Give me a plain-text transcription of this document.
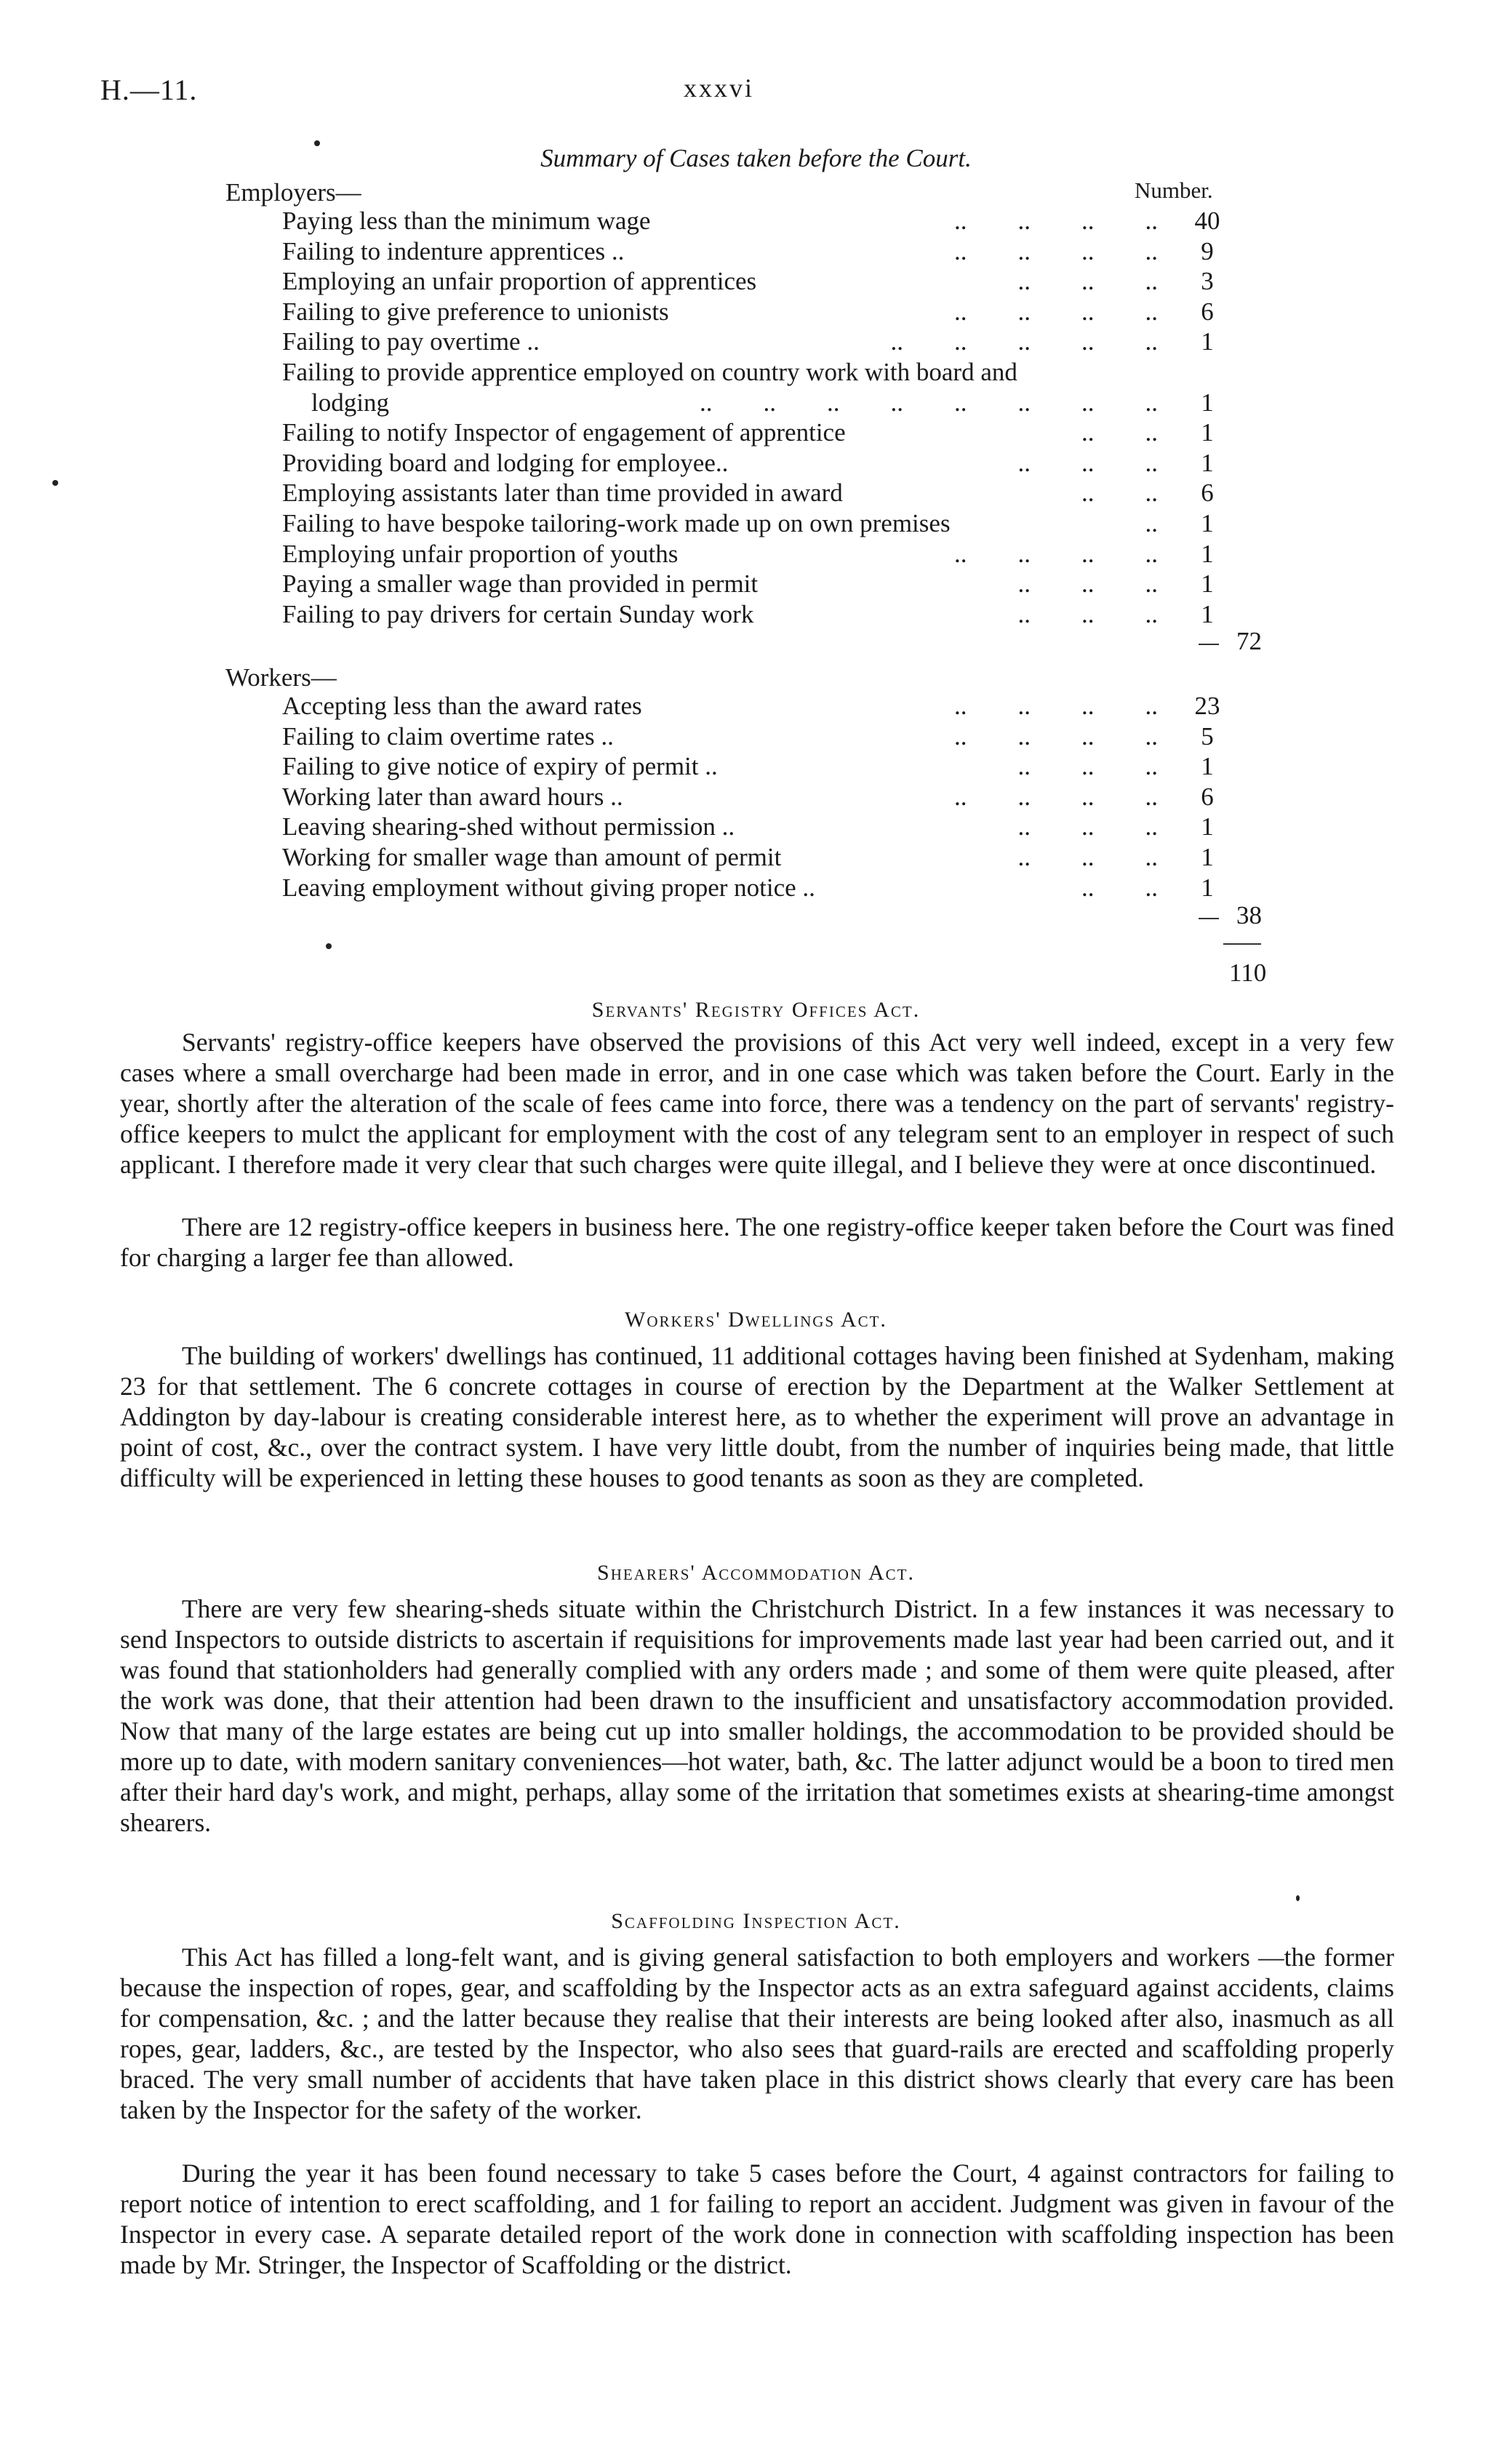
H.—11.	xxxvi
Summary of Cases taken before the Court.
Number.
Employers—
Paying less than the minimum wage	..        ..        ..        ..	40
Failing to indenture apprentices ..	..        ..        ..        ..	9
Employing an unfair proportion of apprentices	..        ..        ..	3
Failing to give preference to unionists	..        ..        ..        ..	6
Failing to pay overtime ..	..        ..        ..        ..        ..	1
Failing to provide apprentice employed on country work with board and
lodging	..        ..        ..        ..        ..        ..        ..        ..	1
Failing to notify Inspector of engagement of apprentice	..        ..	1
Providing board and lodging for employee..	..        ..        ..	1
Employing assistants later than time provided in award	..        ..	6
Failing to have bespoke tailoring-work made up on own premises	..	1
Employing unfair proportion of youths	..        ..        ..        ..	1
Paying a smaller wage than provided in permit	..        ..        ..	1
Failing to pay drivers for certain Sunday work	..        ..        ..	1
72
Workers—
Accepting less than the award rates	..        ..        ..        ..	23
Failing to claim overtime rates ..	..        ..        ..        ..	5
Failing to give notice of expiry of permit ..	..        ..        ..	1
Working later than award hours ..	..        ..        ..        ..	6
Leaving shearing-shed without permission ..	..        ..        ..	1
Working for smaller wage than amount of permit	..        ..        ..	1
Leaving employment without giving proper notice ..	..        ..	1
38
110
Servants' Registry Offices Act.
Servants' registry-office keepers have observed the provisions of this Act very well indeed, except in a very few cases where a small overcharge had been made in error, and in one case which was taken before the Court. Early in the year, shortly after the alteration of the scale of fees came into force, there was a tendency on the part of servants' registry-office keepers to mulct the applicant for employment with the cost of any telegram sent to an employer in respect of such applicant. I therefore made it very clear that such charges were quite illegal, and I believe they were at once discontinued.
There are 12 registry-office keepers in business here. The one registry-office keeper taken before the Court was fined for charging a larger fee than allowed.
Workers' Dwellings Act.
The building of workers' dwellings has continued, 11 additional cottages having been finished at Sydenham, making 23 for that settlement. The 6 concrete cottages in course of erection by the Department at the Walker Settlement at Addington by day-labour is creating considerable interest here, as to whether the experiment will prove an advantage in point of cost, &c., over the contract system. I have very little doubt, from the number of inquiries being made, that little difficulty will be experienced in letting these houses to good tenants as soon as they are completed.
Shearers' Accommodation Act.
There are very few shearing-sheds situate within the Christchurch District. In a few instances it was necessary to send Inspectors to outside districts to ascertain if requisitions for improvements made last year had been carried out, and it was found that stationholders had generally complied with any orders made ; and some of them were quite pleased, after the work was done, that their attention had been drawn to the insufficient and unsatisfactory accommodation provided. Now that many of the large estates are being cut up into smaller holdings, the accommodation to be provided should be more up to date, with modern sanitary conveniences—hot water, bath, &c. The latter adjunct would be a boon to tired men after their hard day's work, and might, perhaps, allay some of the irritation that sometimes exists at shearing-time amongst shearers.
Scaffolding Inspection Act.
This Act has filled a long-felt want, and is giving general satisfaction to both employers and workers —the former because the inspection of ropes, gear, and scaffolding by the Inspector acts as an extra safeguard against accidents, claims for compensation, &c. ; and the latter because they realise that their interests are being looked after also, inasmuch as all ropes, gear, ladders, &c., are tested by the Inspector, who also sees that guard-rails are erected and scaffolding properly braced. The very small number of accidents that have taken place in this district shows clearly that every care has been taken by the Inspector for the safety of the worker.
During the year it has been found necessary to take 5 cases before the Court, 4 against contractors for failing to report notice of intention to erect scaffolding, and 1 for failing to report an accident. Judgment was given in favour of the Inspector in every case. A separate detailed report of the work done in connection with scaffolding inspection has been made by Mr. Stringer, the Inspector of Scaffolding or the district.
